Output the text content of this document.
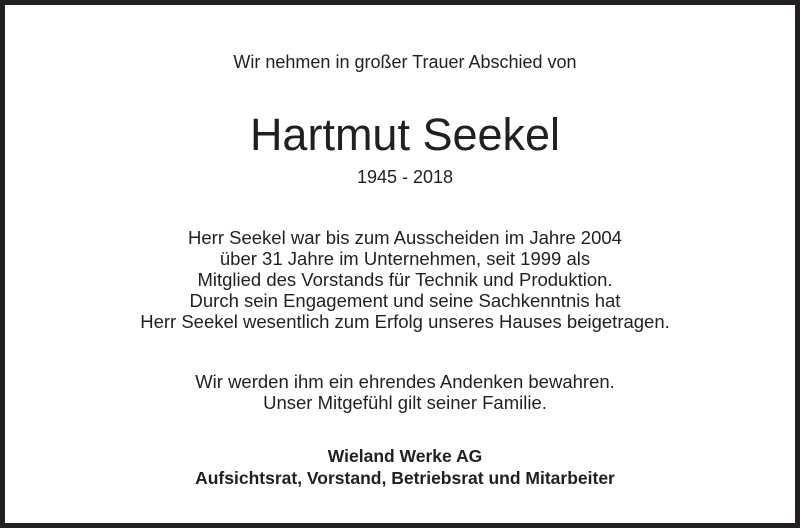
Wir nehmen in großer Trauer Abschied von
Hartmut Seekel
1945 - 2018
Herr Seekel war bis zum Ausscheiden im Jahre 2004
über 31 Jahre im Unternehmen, seit 1999 als
Mitglied des Vorstands für Technik und Produktion.
Durch sein Engagement und seine Sachkenntnis hat
Herr Seekel wesentlich zum Erfolg unseres Hauses beigetragen.
Wir werden ihm ein ehrendes Andenken bewahren.
Unser Mitgefühl gilt seiner Familie.
Wieland Werke AG
Aufsichtsrat, Vorstand, Betriebsrat und Mitarbeiter
